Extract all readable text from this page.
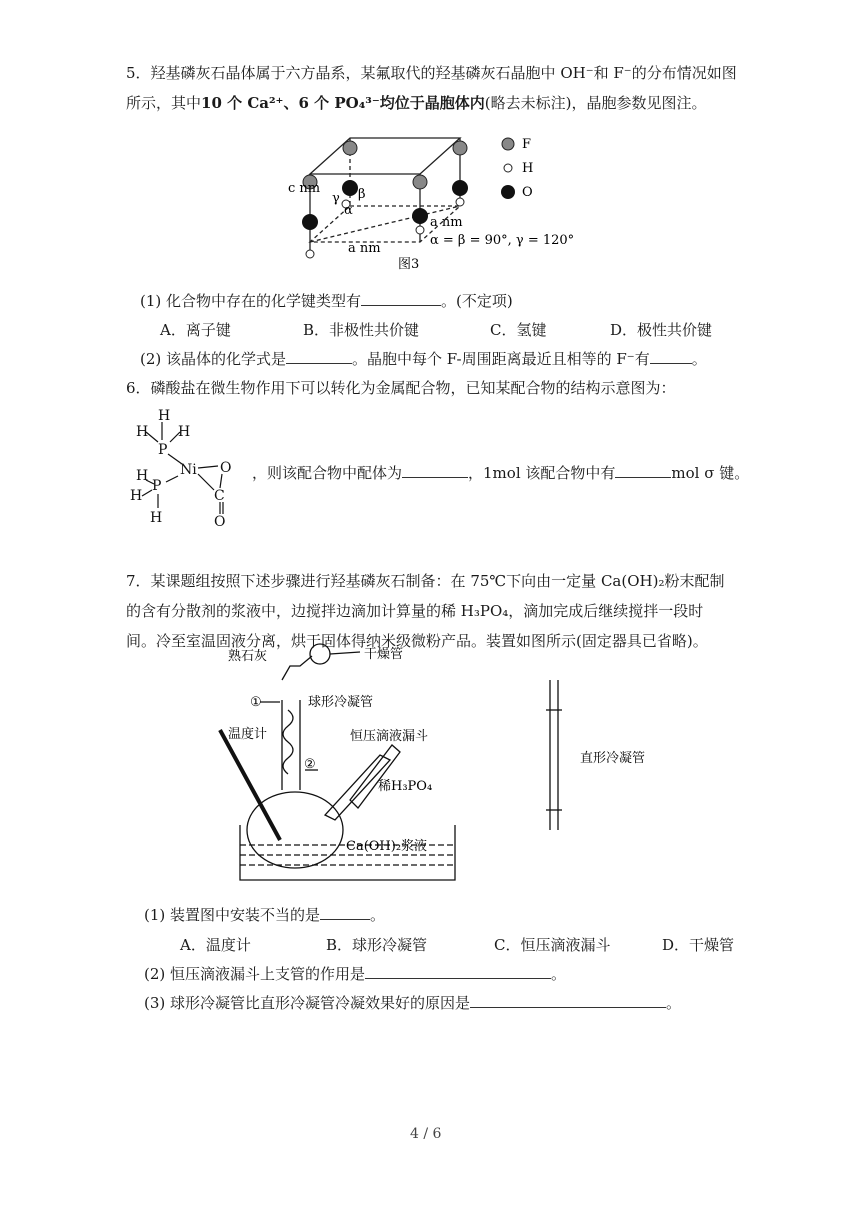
5．羟基磷灰石晶体属于六方晶系，某氟取代的羟基磷灰石晶胞中 OH⁻和 F⁻的分布情况如图
所示，其中10 个 Ca²⁺、6 个 PO₄³⁻均位于晶胞体内(略去未标注)，晶胞参数见图注。
c nm
a nm
a nm
γ β
α
α = β = 90°, γ = 120°
图3
F
H
O
(1) 化合物中存在的化学键类型有	。(不定项)
A．离子键	B．非极性共价键	C．氢键	D．极性共价键
(2) 该晶体的化学式是	。晶胞中每个 F-周围距离最近且相等的 F⁻有	。
6．磷酸盐在微生物作用下可以转化为金属配合物，已知某配合物的结构示意图为：
H
H H
P
Ni O
C
O
H
H
P
H
，则该配合物中配体为	，1mol 该配合物中有	mol σ 键。
7．某课题组按照下述步骤进行羟基磷灰石制备：在 75℃下向由一定量 Ca(OH)₂粉末配制
的含有分散剂的浆液中，边搅拌边滴加计算量的稀 H₃PO₄，滴加完成后继续搅拌一段时
间。冷至室温固液分离，烘干固体得纳米级微粉产品。装置如图所示(固定器具已省略)。
熟石灰	干燥管
①	球形冷凝管
温度计	恒压滴液漏斗
②
稀H₃PO₄
Ca(OH)₂浆液
直形冷凝管
(1) 装置图中安装不当的是	。
A．温度计	B．球形冷凝管	C．恒压滴液漏斗	D．干燥管
(2) 恒压滴液漏斗上支管的作用是	。
(3) 球形冷凝管比直形冷凝管冷凝效果好的原因是	。
4 / 6
